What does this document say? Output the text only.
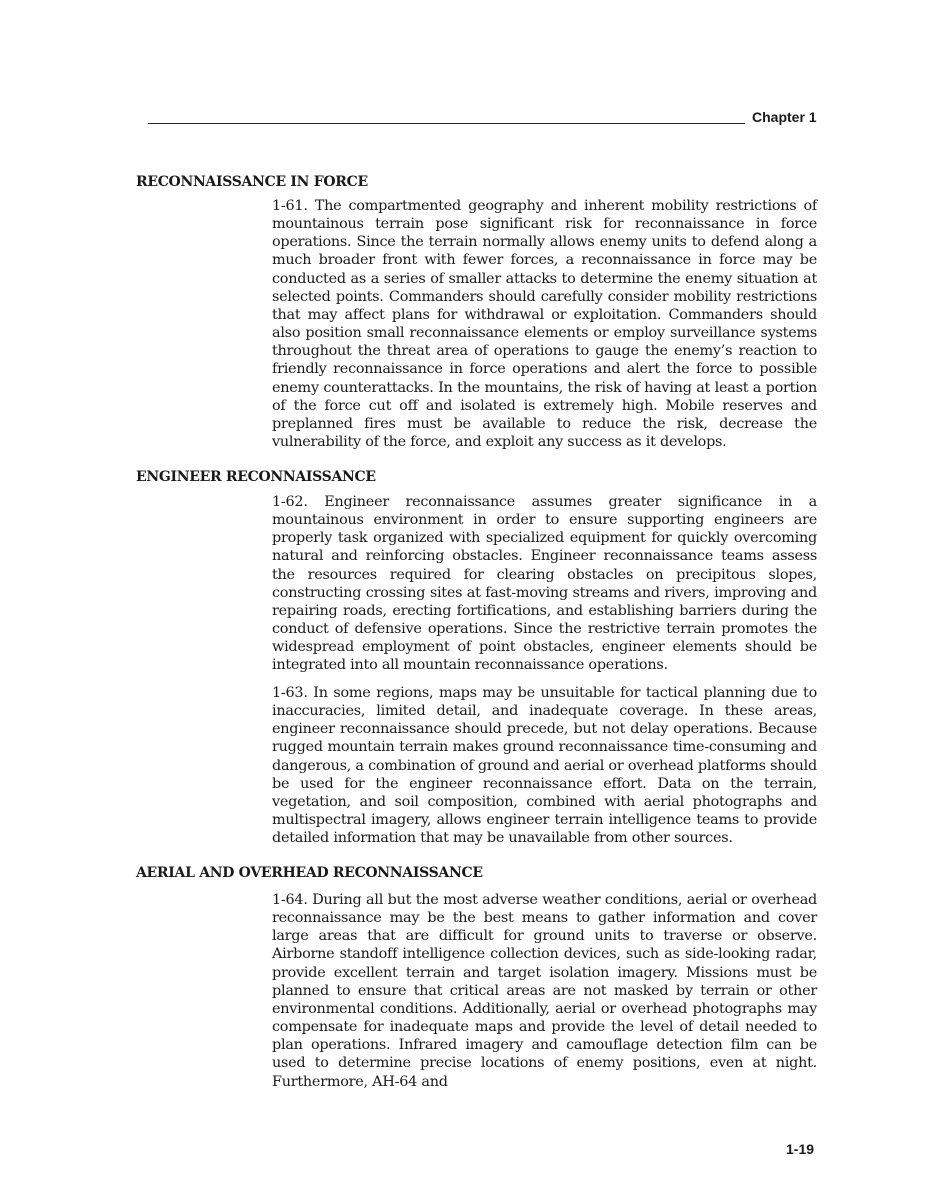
Chapter 1
RECONNAISSANCE IN FORCE
1-61. The compartmented geography and inherent mobility restrictions of mountainous terrain pose significant risk for reconnaissance in force operations. Since the terrain normally allows enemy units to defend along a much broader front with fewer forces, a reconnaissance in force may be conducted as a series of smaller attacks to determine the enemy situation at selected points. Commanders should carefully consider mobility restrictions that may affect plans for withdrawal or exploitation. Commanders should also position small reconnaissance elements or employ surveillance systems throughout the threat area of operations to gauge the enemy’s reaction to friendly reconnaissance in force operations and alert the force to possible enemy counterattacks. In the mountains, the risk of having at least a portion of the force cut off and isolated is extremely high. Mobile reserves and preplanned fires must be available to reduce the risk, decrease the vulnerability of the force, and exploit any success as it develops.
ENGINEER RECONNAISSANCE
1-62. Engineer reconnaissance assumes greater significance in a mountainous environment in order to ensure supporting engineers are properly task organized with specialized equipment for quickly overcoming natural and reinforcing obstacles. Engineer reconnaissance teams assess the resources required for clearing obstacles on precipitous slopes, constructing crossing sites at fast-moving streams and rivers, improving and repairing roads, erecting fortifications, and establishing barriers during the conduct of defensive operations. Since the restrictive terrain promotes the widespread employment of point obstacles, engineer elements should be integrated into all mountain reconnaissance operations.
1-63. In some regions, maps may be unsuitable for tactical planning due to inaccuracies, limited detail, and inadequate coverage. In these areas, engineer reconnaissance should precede, but not delay operations. Because rugged mountain terrain makes ground reconnaissance time-consuming and dangerous, a combination of ground and aerial or overhead platforms should be used for the engineer reconnaissance effort. Data on the terrain, vegetation, and soil composition, combined with aerial photographs and multispectral imagery, allows engineer terrain intelligence teams to provide detailed information that may be unavailable from other sources.
AERIAL AND OVERHEAD RECONNAISSANCE
1-64. During all but the most adverse weather conditions, aerial or overhead reconnaissance may be the best means to gather information and cover large areas that are difficult for ground units to traverse or observe. Airborne standoff intelligence collection devices, such as side-looking radar, provide excellent terrain and target isolation imagery. Missions must be planned to ensure that critical areas are not masked by terrain or other environmental conditions. Additionally, aerial or overhead photographs may compensate for inadequate maps and provide the level of detail needed to plan operations. Infrared imagery and camouflage detection film can be used to determine precise locations of enemy positions, even at night. Furthermore, AH-64 and
1-19
